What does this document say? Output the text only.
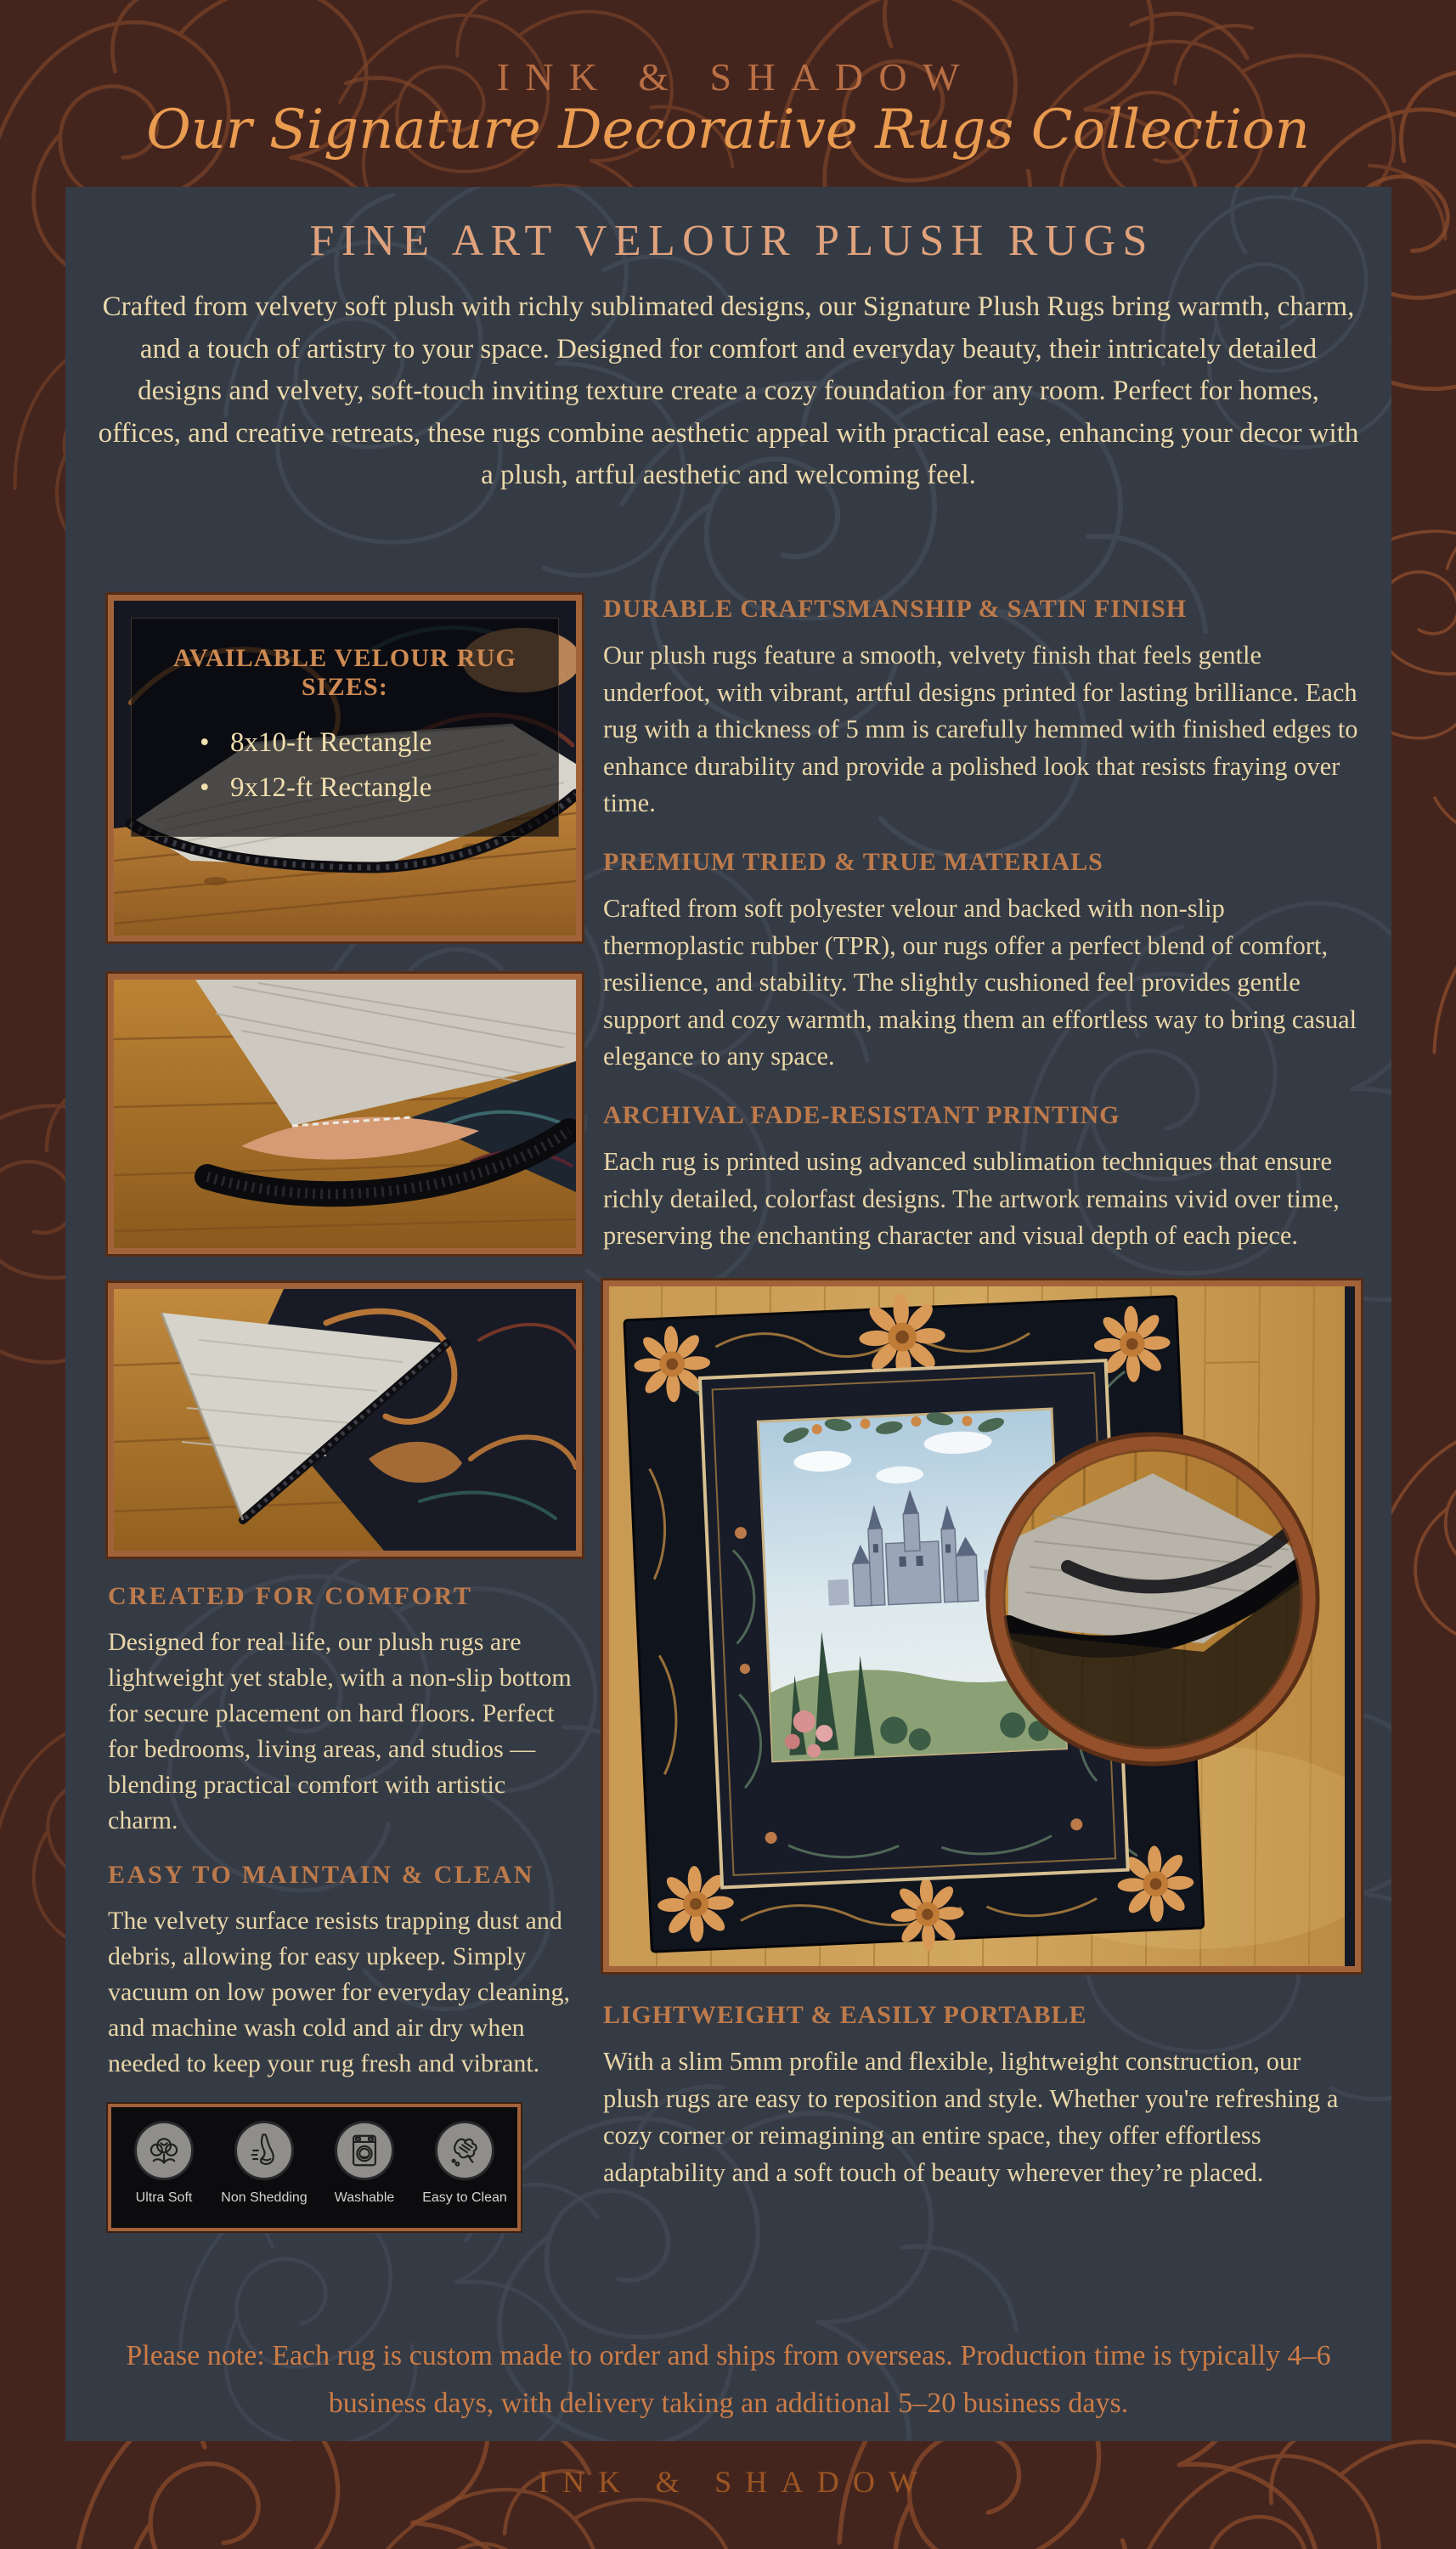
INK & SHADOW
Our Signature Decorative Rugs Collection
FINE ART VELOUR PLUSH RUGS

Crafted from velvety soft plush with richly sublimated designs, our Signature Plush Rugs bring warmth, charm, and a touch of artistry to your space. Designed for comfort and everyday beauty, their intricately detailed designs and velvety, soft-touch inviting texture create a cozy foundation for any room. Perfect for homes, offices, and creative retreats, these rugs combine aesthetic appeal with practical ease, enhancing your decor with a plush, artful aesthetic and welcoming feel.

AVAILABLE VELOUR RUG SIZES:
• 8x10-ft Rectangle
• 9x12-ft Rectangle
CREATED FOR COMFORT

Designed for real life, our plush rugs are lightweight yet stable, with a non-slip bottom for secure placement on hard floors. Perfect for bedrooms, living areas, and studios — blending practical comfort with artistic charm.

EASY TO MAINTAIN & CLEAN

The velvety surface resists trapping dust and debris, allowing for easy upkeep. Simply vacuum on low power for everyday cleaning, and machine wash cold and air dry when needed to keep your rug fresh and vibrant.

Ultra Soft	Non Shedding	Washable	Easy to Clean
DURABLE CRAFTSMANSHIP & SATIN FINISH

Our plush rugs feature a smooth, velvety finish that feels gentle underfoot, with vibrant, artful designs printed for lasting brilliance. Each rug with a thickness of 5 mm is carefully hemmed with finished edges to enhance durability and provide a polished look that resists fraying over time.

PREMIUM TRIED & TRUE MATERIALS

Crafted from soft polyester velour and backed with non-slip thermoplastic rubber (TPR), our rugs offer a perfect blend of comfort, resilience, and stability. The slightly cushioned feel provides gentle support and cozy warmth, making them an effortless way to bring casual elegance to any space.

ARCHIVAL FADE-RESISTANT PRINTING

Each rug is printed using advanced sublimation techniques that ensure richly detailed, colorfast designs. The artwork remains vivid over time, preserving the enchanting character and visual depth of each piece.

LIGHTWEIGHT & EASILY PORTABLE

With a slim 5mm profile and flexible, lightweight construction, our plush rugs are easy to reposition and style. Whether you're refreshing a cozy corner or reimagining an entire space, they offer effortless adaptability and a soft touch of beauty wherever they’re placed.

Please note: Each rug is custom made to order and ships from overseas. Production time is typically 4–6 business days, with delivery taking an additional 5–20 business days.

INK & SHADOW
